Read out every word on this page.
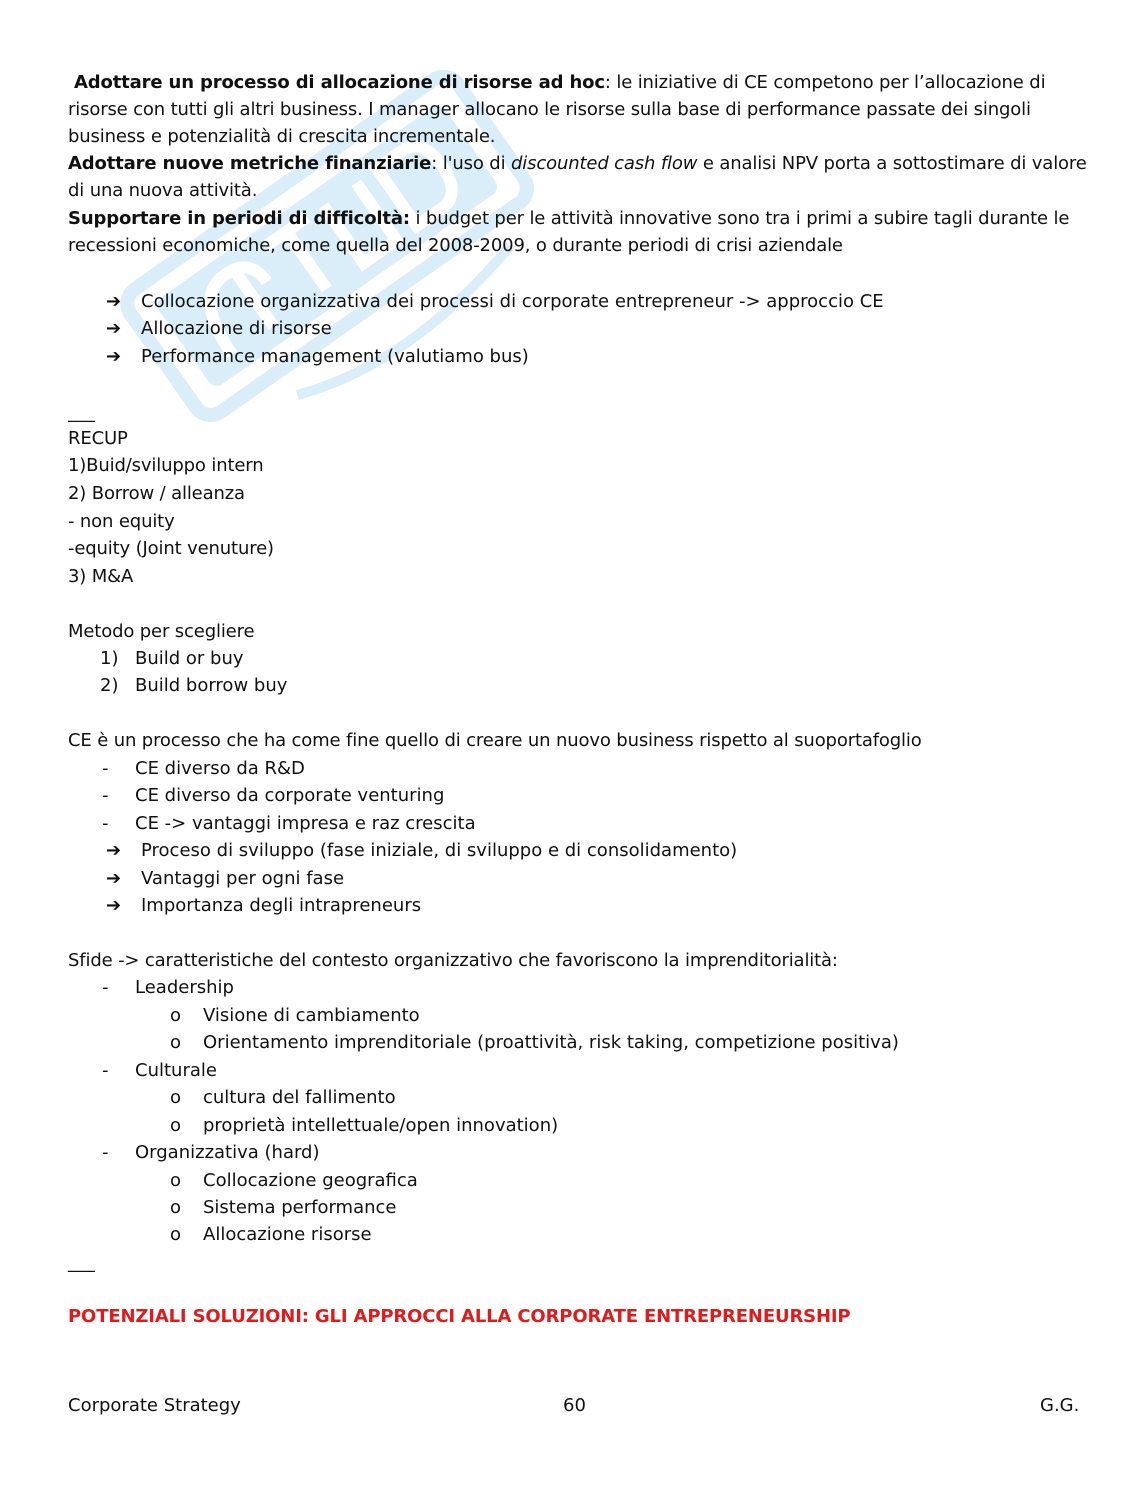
Adottare un processo di allocazione di risorse ad hoc: le iniziative di CE competono per l’allocazione di
risorse con tutti gli altri business. I manager allocano le risorse sulla base di performance passate dei singoli
business e potenzialità di crescita incrementale.
Adottare nuove metriche finanziarie: l'uso di discounted cash flow e analisi NPV porta a sottostimare di valore
di una nuova attività.
Supportare in periodi di difficoltà: i budget per le attività innovative sono tra i primi a subire tagli durante le
recessioni economiche, come quella del 2008-2009, o durante periodi di crisi aziendale
➔ Collocazione organizzativa dei processi di corporate entrepreneur -> approccio CE
➔ Allocazione di risorse
➔ Performance management (valutiamo bus)
___
RECUP
1)Buid/sviluppo intern
2) Borrow / alleanza
- non equity
-equity (Joint venuture)
3) M&A
Metodo per scegliere
1) Build or buy
2) Build borrow buy
CE è un processo che ha come fine quello di creare un nuovo business rispetto al suoportafoglio
- CE diverso da R&D
- CE diverso da corporate venturing
- CE -> vantaggi impresa e raz crescita
➔ Proceso di sviluppo (fase iniziale, di sviluppo e di consolidamento)
➔ Vantaggi per ogni fase
➔ Importanza degli intrapreneurs
Sfide -> caratteristiche del contesto organizzativo che favoriscono la imprenditorialità:
- Leadership
o Visione di cambiamento
o Orientamento imprenditoriale (proattività, risk taking, competizione positiva)
- Culturale
o cultura del fallimento
o proprietà intellettuale/open innovation)
- Organizzativa (hard)
o Collocazione geografica
o Sistema performance
o Allocazione risorse
___
POTENZIALI SOLUZIONI: GLI APPROCCI ALLA CORPORATE ENTREPRENEURSHIP
Corporate Strategy	60	G.G.
